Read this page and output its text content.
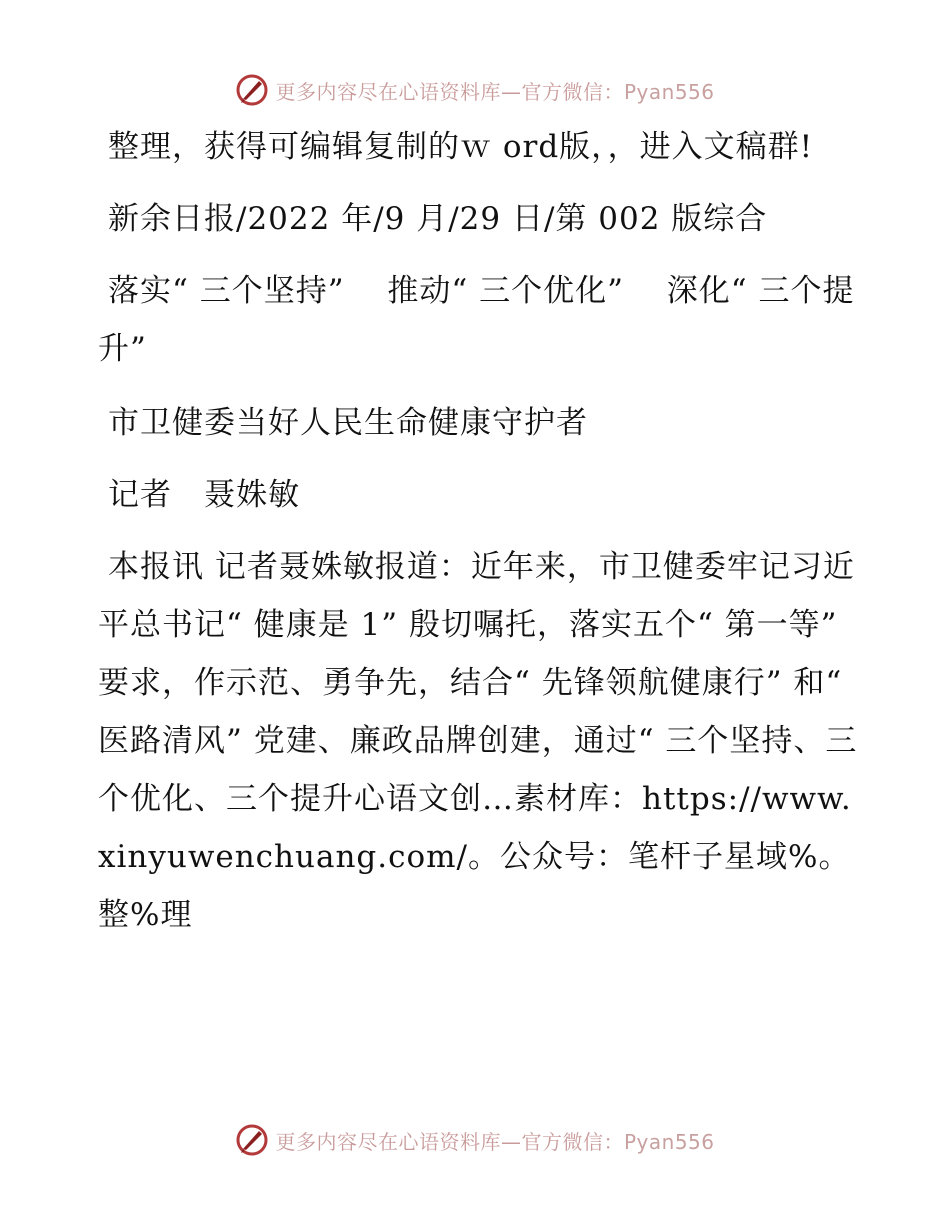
更多内容尽在心语资料库—官方微信：Pyan556

整理，获得可编辑复制的ｗ ord版，，进入文稿群!

新余日报/2022 年/9 月/29 日/第 002 版综合

落实“ 三个坚持”　 推动“ 三个优化”　 深化“ 三个提升”

市卫健委当好人民生命健康守护者

记者　聂姝敏

本报讯 记者聂姝敏报道：近年来，市卫健委牢记习近平总书记“ 健康是 1” 殷切嘱托，落实五个“ 第一等” 要求，作示范、勇争先，结合“ 先锋领航健康行” 和“ 医路清风” 党建、廉政品牌创建，通过“ 三个坚持、三个优化、三个提升心语文创…素材库：https://www.xinyuwenchuang.com/。公众号：笔杆子星域%。整%理

更多内容尽在心语资料库—官方微信：Pyan556
